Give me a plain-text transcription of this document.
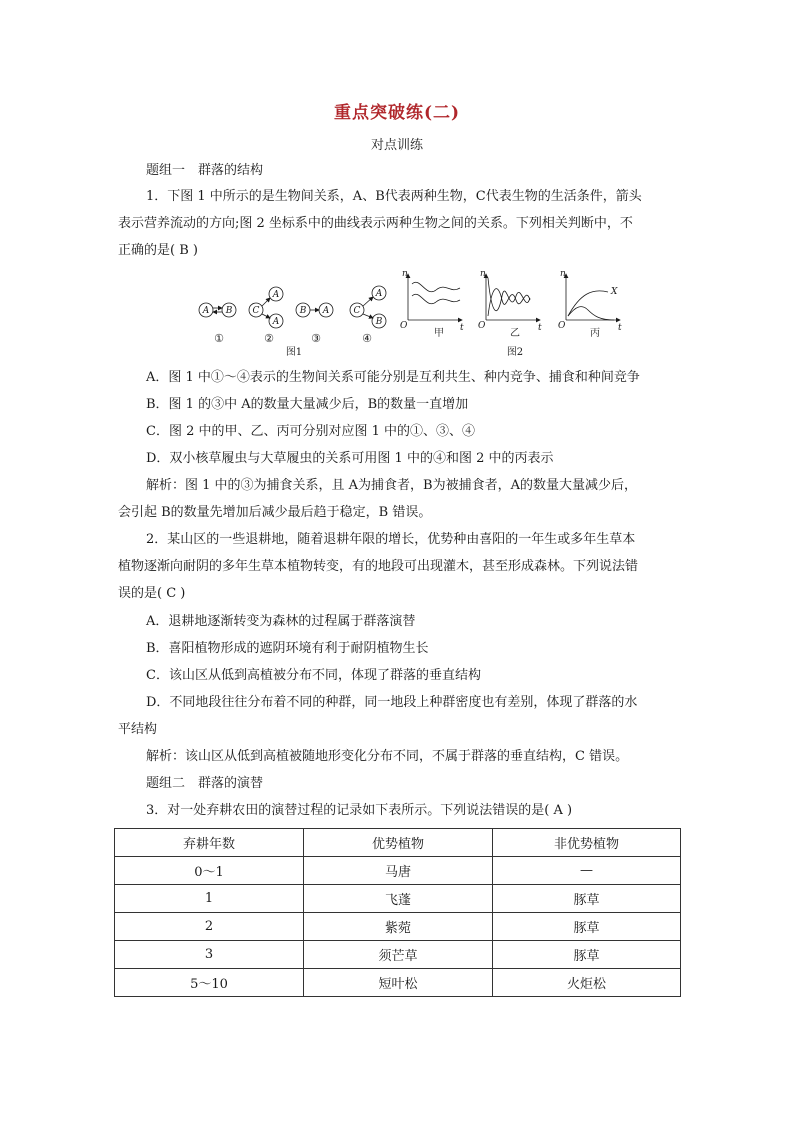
重点突破练(二)
对点训练
题组一　群落的结构
1．下图 1 中所示的是生物间关系，A、B代表两种生物，C代表生物的生活条件，箭头
表示营养流动的方向;图 2 坐标系中的曲线表示两种生物之间的关系。下列相关判断中，不
正确的是( B )
A B C
A
A
B A	C
A
B
①	②	③	④
图1	图2
n
O	t
甲
n
O	t
乙
n
O	t
X
丙
A．图 1 中①～④表示的生物间关系可能分别是互利共生、种内竞争、捕食和种间竞争
B．图 1 的③中 A的数量大量减少后，B的数量一直增加
C．图 2 中的甲、乙、丙可分别对应图 1 中的①、③、④
D．双小核草履虫与大草履虫的关系可用图 1 中的④和图 2 中的丙表示
解析：图 1 中的③为捕食关系，且 A为捕食者，B为被捕食者，A的数量大量减少后，
会引起 B的数量先增加后减少最后趋于稳定，B 错误。
2．某山区的一些退耕地，随着退耕年限的增长，优势种由喜阳的一年生或多年生草本
植物逐渐向耐阴的多年生草本植物转变，有的地段可出现灌木，甚至形成森林。下列说法错
误的是( C )
A．退耕地逐渐转变为森林的过程属于群落演替
B．喜阳植物形成的遮阴环境有利于耐阴植物生长
C．该山区从低到高植被分布不同，体现了群落的垂直结构
D．不同地段往往分布着不同的种群，同一地段上种群密度也有差别，体现了群落的水
平结构
解析：该山区从低到高植被随地形变化分布不同，不属于群落的垂直结构，C 错误。
题组二　群落的演替
3．对一处弃耕农田的演替过程的记录如下表所示。下列说法错误的是( A )
弃耕年数	优势植物	非优势植物
0～1	马唐	—
1	飞蓬	豚草
2	紫菀	豚草
3	须芒草	豚草
5～10	短叶松	火炬松
